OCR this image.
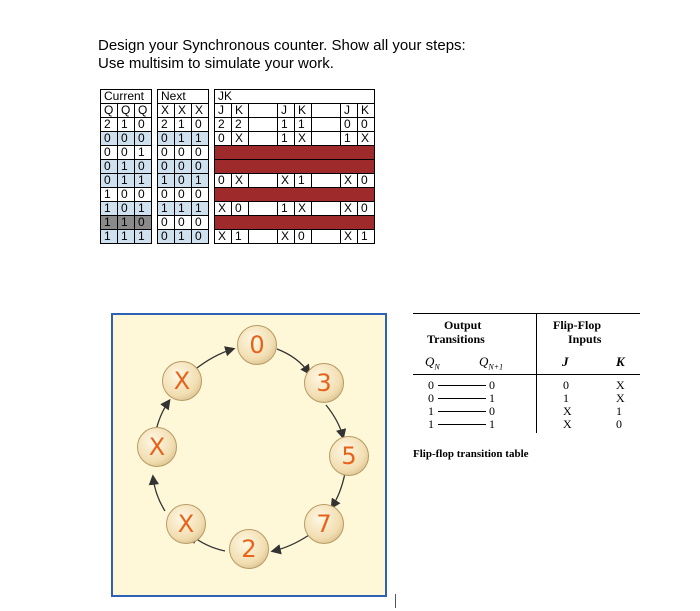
Design your Synchronous counter. Show all your steps:
Use multisim to simulate your work.
Current				Next				JK							
Q	Q	Q		X	X	X		J	K		J	K		J	K
2	1	0		2	1	0		2	2		1	1		0	0
0	0	0		0	1	1		0	X		1	X		1	X
0	0	1		0	0	0									
0	1	0		0	0	0									
0	1	1		1	0	1		0	X		X	1		X	0
1	0	0		0	0	0									
1	0	1		1	1	1		X	0		1	X		X	0
1	1	0		0	0	0									
1	1	1		0	1	0		X	1		X	0		X	1
0
3
5
7
2
X
X
X
Output
Transitions
Flip-Flop
Inputs
$Q_N$	$Q_{N+1}$	J	K
0	0	0	X
0	1	1	X
1	0	X	1
1	1	X	0
Flip-flop transition table
